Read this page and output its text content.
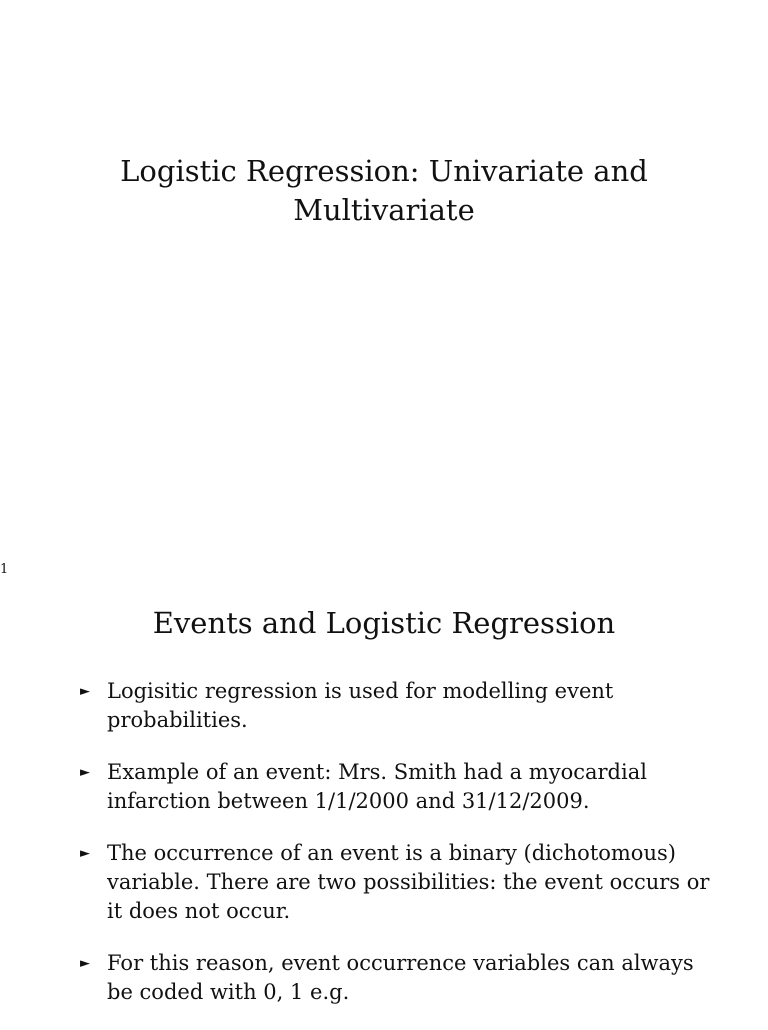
Logistic Regression: Univariate and
Multivariate
1
Events and Logistic Regression
► Logisitic regression is used for modelling event probabilities.
► Example of an event: Mrs. Smith had a myocardial infarction between 1/1/2000 and 31/12/2009.
► The occurrence of an event is a binary (dichotomous) variable. There are two possibilities: the event occurs or it does not occur.
► For this reason, event occurrence variables can always be coded with 0, 1 e.g.
